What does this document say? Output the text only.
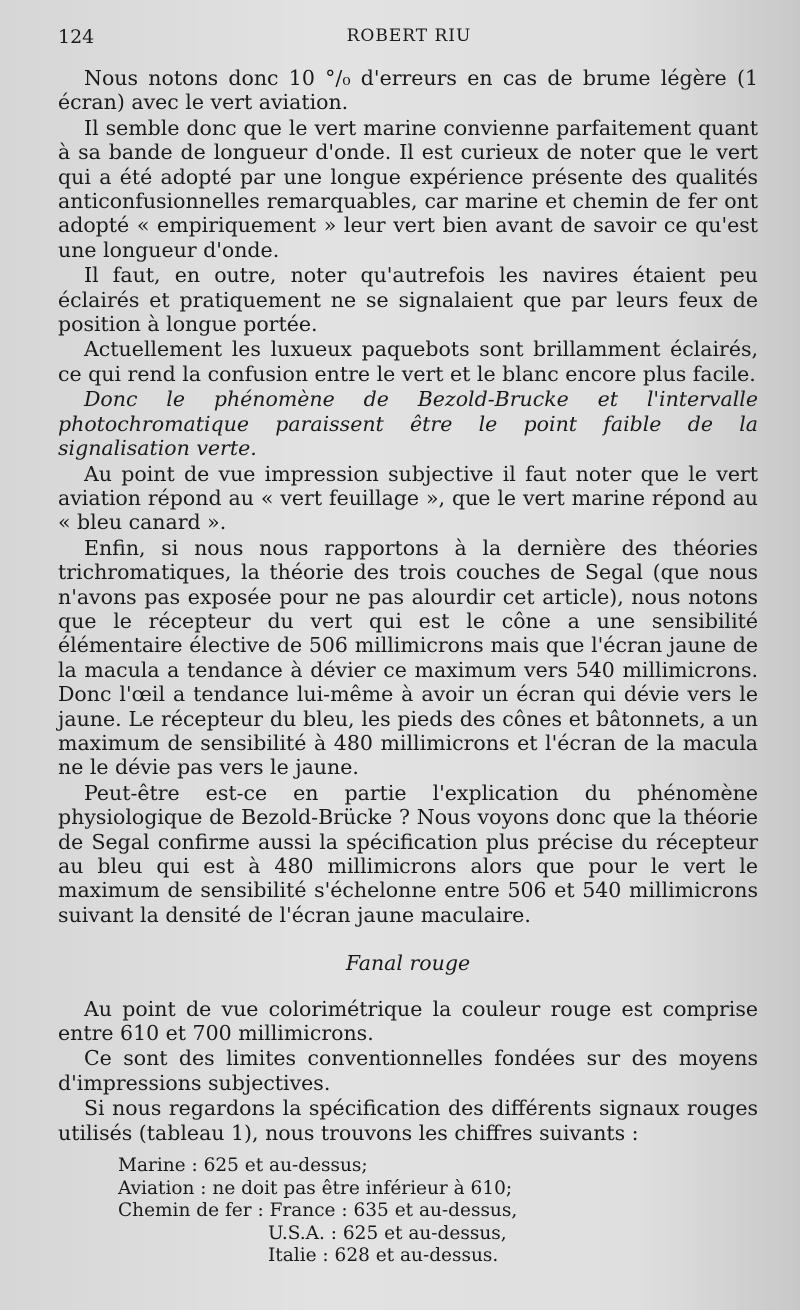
124	ROBERT RIU

Nous notons donc 10 °/₀ d'erreurs en cas de brume légère (1 écran) avec le vert aviation.

Il semble donc que le vert marine convienne parfaitement quant à sa bande de longueur d'onde. Il est curieux de noter que le vert qui a été adopté par une longue expérience présente des qualités anticonfusionnelles remarquables, car marine et chemin de fer ont adopté « empiriquement » leur vert bien avant de savoir ce qu'est une longueur d'onde.

Il faut, en outre, noter qu'autrefois les navires étaient peu éclairés et pratiquement ne se signalaient que par leurs feux de position à longue portée.

Actuellement les luxueux paquebots sont brillamment éclairés, ce qui rend la confusion entre le vert et le blanc encore plus facile.

Donc le phénomène de Bezold-Brucke et l'intervalle photochromatique paraissent être le point faible de la signalisation verte.

Au point de vue impression subjective il faut noter que le vert aviation répond au « vert feuillage », que le vert marine répond au « bleu canard ».

Enfin, si nous nous rapportons à la dernière des théories trichromatiques, la théorie des trois couches de Segal (que nous n'avons pas exposée pour ne pas alourdir cet article), nous notons que le récepteur du vert qui est le cône a une sensibilité élémentaire élective de 506 millimicrons mais que l'écran jaune de la macula a tendance à dévier ce maximum vers 540 millimicrons. Donc l'œil a tendance lui-même à avoir un écran qui dévie vers le jaune. Le récepteur du bleu, les pieds des cônes et bâtonnets, a un maximum de sensibilité à 480 millimicrons et l'écran de la macula ne le dévie pas vers le jaune.

Peut-être est-ce en partie l'explication du phénomène physiologique de Bezold-Brücke ? Nous voyons donc que la théorie de Segal confirme aussi la spécification plus précise du récepteur au bleu qui est à 480 millimicrons alors que pour le vert le maximum de sensibilité s'échelonne entre 506 et 540 millimicrons suivant la densité de l'écran jaune maculaire.

Fanal rouge

Au point de vue colorimétrique la couleur rouge est comprise entre 610 et 700 millimicrons.

Ce sont des limites conventionnelles fondées sur des moyens d'impressions subjectives.

Si nous regardons la spécification des différents signaux rouges utilisés (tableau 1), nous trouvons les chiffres suivants :

Marine : 625 et au-dessus;
Aviation : ne doit pas être inférieur à 610;
Chemin de fer : France : 635 et au-dessus,
U.S.A. : 625 et au-dessus,
Italie : 628 et au-dessus.
